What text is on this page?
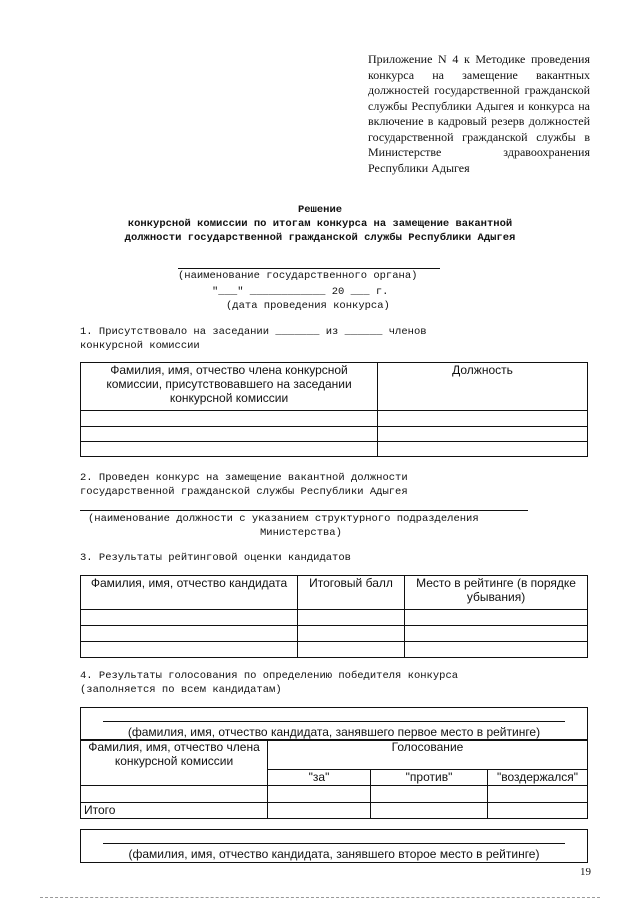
Приложение N 4 к Методике проведения конкурса на замещение вакантных должностей государственной гражданской службы Республики Адыгея и конкурса на включение в кадровый резерв должностей государственной гражданской службы в Министерстве здравоохранения Республики Адыгея
Решение
конкурсной комиссии по итогам конкурса на замещение вакантной
должности государственной гражданской службы Республики Адыгея
(наименование государственного органа)
"___" ____________ 20 ___ г.
(дата проведения конкурса)
1. Присутствовало на заседании _______ из ______ членов
конкурсной комиссии
Фамилия, имя, отчество члена конкурсной комиссии, присутствовавшего на заседании конкурсной комиссии	Должность

2. Проведен конкурс на замещение вакантной должности
государственной гражданской службы Республики Адыгея
(наименование должности с указанием структурного подразделения
Министерства)
3. Результаты рейтинговой оценки кандидатов
Фамилия, имя, отчество кандидата	Итоговый балл	Место в рейтинге (в порядке убывания)

4. Результаты голосования по определению победителя конкурса
(заполняется по всем кандидатам)
(фамилия, имя, отчество кандидата, занявшего первое место в рейтинге)
Фамилия, имя, отчество члена конкурсной комиссии	Голосование		
	"за"	"против"	"воздержался"

Итого			
(фамилия, имя, отчество кандидата, занявшего второе место в рейтинге)
19
